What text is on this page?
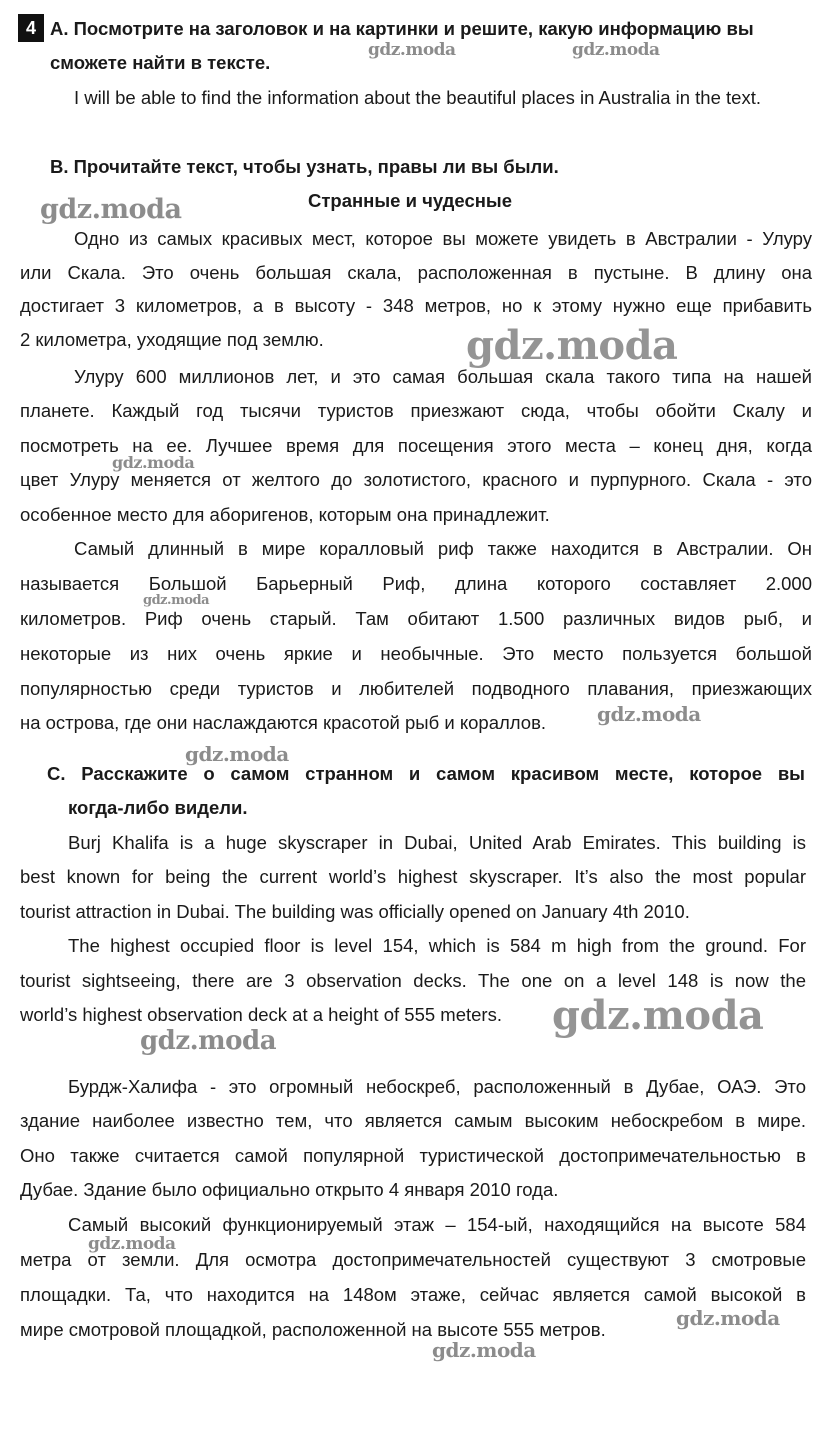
4 А. Посмотрите на заголовок и на картинки и решите, какую информацию вы
сможете найти в тексте.
I will be able to find the information about the beautiful places in Australia in the text.
В. Прочитайте текст, чтобы узнать, правы ли вы были.
Странные и чудесные
Одно из самых красивых мест, которое вы можете увидеть в Австралии - Улуру
или Скала. Это очень большая скала, расположенная в пустыне. В длину она
достигает 3 километров, а в высоту - 348 метров, но к этому нужно еще прибавить
2 километра, уходящие под землю.
Улуру 600 миллионов лет, и это самая большая скала такого типа на нашей
планете. Каждый год тысячи туристов приезжают сюда, чтобы обойти Скалу и
посмотреть на ее. Лучшее время для посещения этого места – конец дня, когда
цвет Улуру меняется от желтого до золотистого, красного и пурпурного. Скала - это
особенное место для аборигенов, которым она принадлежит.
Самый длинный в мире коралловый риф также находится в Австралии. Он
называется Большой Барьерный Риф, длина которого составляет 2.000
километров. Риф очень старый. Там обитают 1.500 различных видов рыб, и
некоторые из них очень яркие и необычные. Это место пользуется большой
популярностью среди туристов и любителей подводного плавания, приезжающих
на острова, где они наслаждаются красотой рыб и кораллов.
С. Расскажите о самом странном и самом красивом месте, которое вы
когда-либо видели.
Burj Khalifa is a huge skyscraper in Dubai, United Arab Emirates. This building is
best known for being the current world’s highest skyscraper. It’s also the most popular
tourist attraction in Dubai. The building was officially opened on January 4th 2010.
The highest occupied floor is level 154, which is 584 m high from the ground. For
tourist sightseeing, there are 3 observation decks. The one on a level 148 is now the
world’s highest observation deck at a height of 555 meters.
Бурдж-Халифа - это огромный небоскреб, расположенный в Дубае, ОАЭ. Это
здание наиболее известно тем, что является самым высоким небоскребом в мире.
Оно также считается самой популярной туристической достопримечательностью в
Дубае. Здание было официально открыто 4 января 2010 года.
Самый высокий функционируемый этаж – 154-ый, находящийся на высоте 584
метра от земли. Для осмотра достопримечательностей существуют 3 смотровые
площадки. Та, что находится на 148ом этаже, сейчас является самой высокой в
мире смотровой площадкой, расположенной на высоте 555 метров.
gdz.moda	gdz.moda
gdz.moda
gdz.moda
gdz.moda
gdz.moda
gdz.moda
gdz.moda
gdz.moda
gdz.moda
gdz.moda
gdz.moda
gdz.moda
